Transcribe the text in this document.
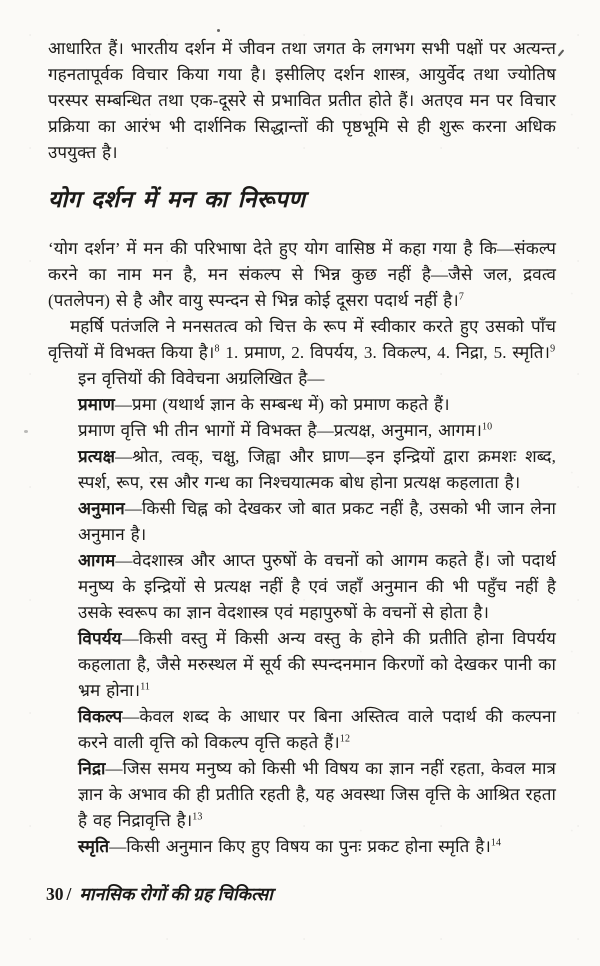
आधारित हैं। भारतीय दर्शन में जीवन तथा जगत के लगभग सभी पक्षों पर अत्यन्त गहनतापूर्वक विचार किया गया है। इसीलिए दर्शन शास्त्र, आयुर्वेद तथा ज्योतिष परस्पर सम्बन्धित तथा एक-दूसरे से प्रभावित प्रतीत होते हैं। अतएव मन पर विचार प्रक्रिया का आरंभ भी दार्शनिक सिद्धान्तों की पृष्ठभूमि से ही शुरू करना अधिक उपयुक्त है।

योग दर्शन में मन का निरूपण

‘योग दर्शन’ में मन की परिभाषा देते हुए योग वासिष्ठ में कहा गया है कि—संकल्प करने का नाम मन है, मन संकल्प से भिन्न कुछ नहीं है—जैसे जल, द्रवत्व (पतलेपन) से है और वायु स्पन्दन से भिन्न कोई दूसरा पदार्थ नहीं है।$^7$

महर्षि पतंजलि ने मनसतत्व को चित्त के रूप में स्वीकार करते हुए उसको पाँच वृत्तियों में विभक्त किया है।$^8$ 1. प्रमाण, 2. विपर्यय, 3. विकल्प, 4. निद्रा, 5. स्मृति।$^9$

इन वृत्तियों की विवेचना अग्रलिखित है—

प्रमाण—प्रमा (यथार्थ ज्ञान के सम्बन्ध में) को प्रमाण कहते हैं।

प्रमाण वृत्ति भी तीन भागों में विभक्त है—प्रत्यक्ष, अनुमान, आगम।$^{10}$

प्रत्यक्ष—श्रोत, त्वक्, चक्षु, जिह्वा और घ्राण—इन इन्द्रियों द्वारा क्रमशः शब्द, स्पर्श, रूप, रस और गन्ध का निश्चयात्मक बोध होना प्रत्यक्ष कहलाता है।

अनुमान—किसी चिह्न को देखकर जो बात प्रकट नहीं है, उसको भी जान लेना अनुमान है।

आगम—वेदशास्त्र और आप्त पुरुषों के वचनों को आगम कहते हैं। जो पदार्थ मनुष्य के इन्द्रियों से प्रत्यक्ष नहीं है एवं जहाँ अनुमान की भी पहुँच नहीं है उसके स्वरूप का ज्ञान वेदशास्त्र एवं महापुरुषों के वचनों से होता है।

विपर्यय—किसी वस्तु में किसी अन्य वस्तु के होने की प्रतीति होना विपर्यय कहलाता है, जैसे मरुस्थल में सूर्य की स्पन्दनमान किरणों को देखकर पानी का भ्रम होना।$^{11}$

विकल्प—केवल शब्द के आधार पर बिना अस्तित्व वाले पदार्थ की कल्पना करने वाली वृत्ति को विकल्प वृत्ति कहते हैं।$^{12}$

निद्रा—जिस समय मनुष्य को किसी भी विषय का ज्ञान नहीं रहता, केवल मात्र ज्ञान के अभाव की ही प्रतीति रहती है, यह अवस्था जिस वृत्ति के आश्रित रहता है वह निद्रावृत्ति है।$^{13}$

स्मृति—किसी अनुमान किए हुए विषय का पुनः प्रकट होना स्मृति है।$^{14}$

30 / मानसिक रोगों की ग्रह चिकित्सा
